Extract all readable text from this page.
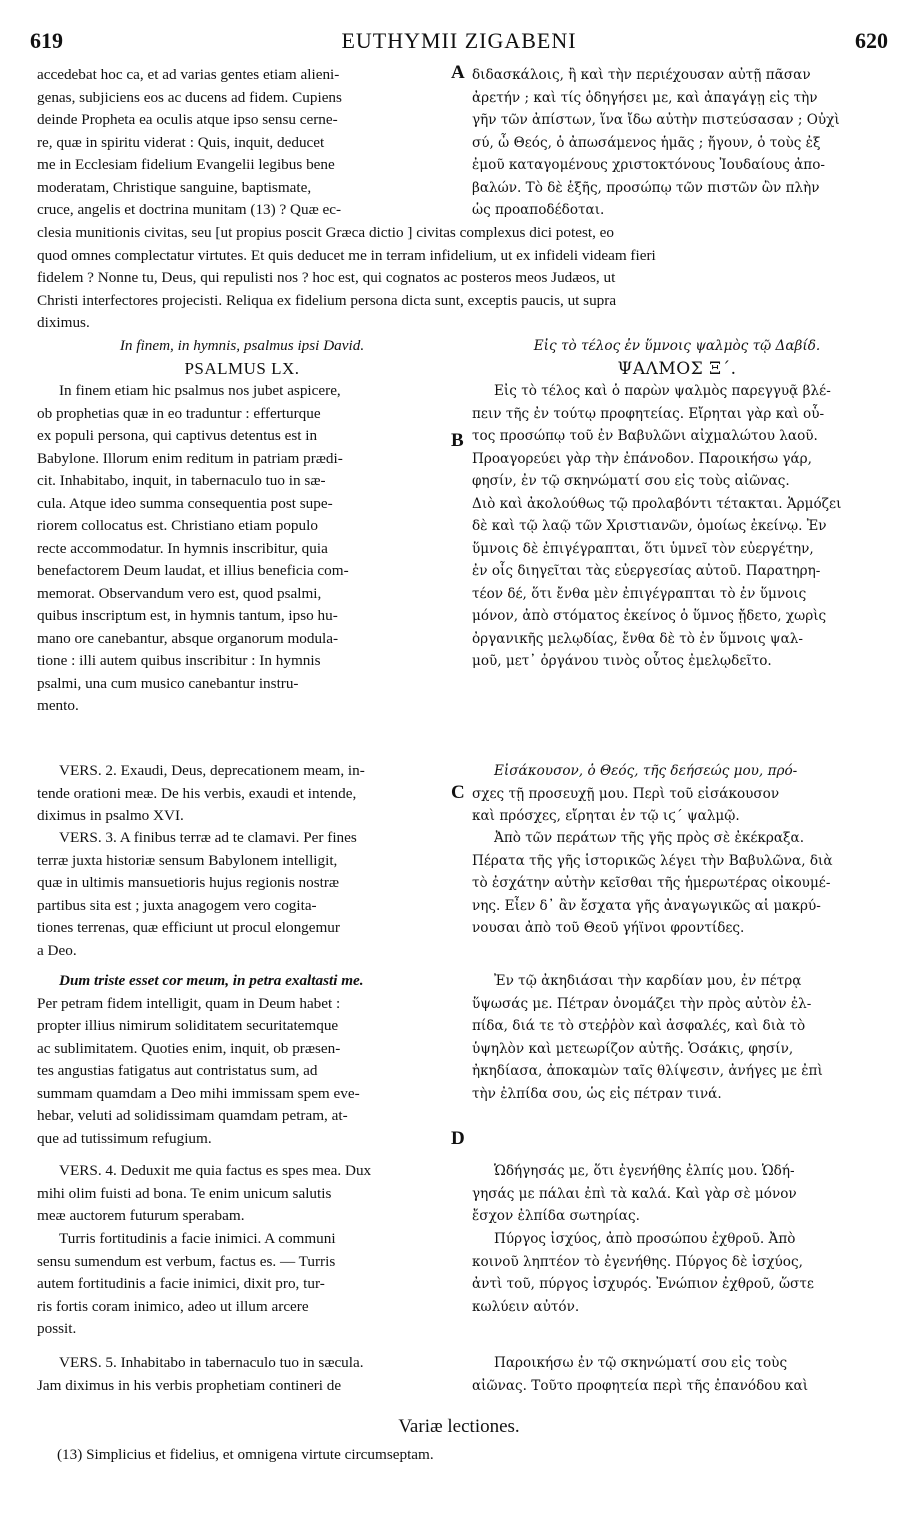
619	EUTHYMII ZIGABENI	620

accedebat hoc ca, et ad varias gentes etiam alieni-

genas, subjiciens eos ac ducens ad fidem. Cupiens

deinde Propheta ea oculis atque ipso sensu cerne-

re, quæ in spiritu viderat : Quis, inquit, deducet

me in Ecclesiam fidelium Evangelii legibus bene

moderatam, Christique sanguine, baptismate,

cruce, angelis et doctrina munitam (13) ? Quæ ec-

A διδασκάλοις, ἢ καὶ τὴν περιέχουσαν αὐτῇ πᾶσαν

ἀρετήν ; καὶ τίς ὁδηγήσει με, καὶ ἀπαγάγῃ εἰς τὴν

γῆν τῶν ἀπίστων, ἵνα ἴδω αὐτὴν πιστεύσασαν ; Οὐχὶ

σύ, ὦ Θεός, ὁ ἀπωσάμενος ἡμᾶς ; ἤγουν, ὁ τοὺς ἐξ

ἐμοῦ καταγομένους χριστοκτόνους Ἰουδαίους ἀπο-

βαλών. Τὸ δὲ ἑξῆς, προσώπῳ τῶν πιστῶν ὢν πλὴν

ὡς προαποδέδοται.

clesia munitionis civitas, seu [ut propius poscit Græca dictio ] civitas complexus dici potest, eo

quod omnes complectatur virtutes. Et quis deducet me in terram infidelium, ut ex infideli videam fieri

fidelem ? Nonne tu, Deus, qui repulisti nos ? hoc est, qui cognatos ac posteros meos Judæos, ut

Christi interfectores projecisti. Reliqua ex fidelium persona dicta sunt, exceptis paucis, ut supra

diximus.

In finem, in hymnis, psalmus ipsi David.

PSALMUS LX.

Εἰς τὸ τέλος ἐν ὕμνοις ψαλμὸς τῷ Δαβίδ.

ΨΑΛΜΟΣ Ξ΄.

In finem etiam hic psalmus nos jubet aspicere,

ob prophetias quæ in eo traduntur : efferturque

ex populi persona, qui captivus detentus est in

Babylone. Illorum enim reditum in patriam prædi-

cit. Inhabitabo, inquit, in tabernaculo tuo in sæ-

cula. Atque ideo summa consequentia post supe-

riorem collocatus est. Christiano etiam populo

recte accommodatur. In hymnis inscribitur, quia

benefactorem Deum laudat, et illius beneficia com-

memorat. Observandum vero est, quod psalmi,

quibus inscriptum est, in hymnis tantum, ipso hu-

mano ore canebantur, absque organorum modula-

tione : illi autem quibus inscribitur : In hymnis

psalmi, una cum musico canebantur instru-

mento.

B

Εἰς τὸ τέλος καὶ ὁ παρὼν ψαλμὸς παρεγγυᾷ βλέ-

πειν τῆς ἐν τούτῳ προφητείας. Εἴρηται γὰρ καὶ οὗ-

τος προσώπῳ τοῦ ἐν Βαβυλῶνι αἰχμαλώτου λαοῦ.

Προαγορεύει γὰρ τὴν ἐπάνοδον. Παροικήσω γάρ,

φησίν, ἐν τῷ σκηνώματί σου εἰς τοὺς αἰῶνας.

Διὸ καὶ ἀκολούθως τῷ προλαβόντι τέτακται. Ἁρμόζει

δὲ καὶ τῷ λαῷ τῶν Χριστιανῶν, ὁμοίως ἐκείνῳ. Ἐν

ὕμνοις δὲ ἐπιγέγραπται, ὅτι ὑμνεῖ τὸν εὐεργέτην,

ἐν οἷς διηγεῖται τὰς εὐεργεσίας αὐτοῦ. Παρατηρη-

τέον δέ, ὅτι ἔνθα μὲν ἐπιγέγραπται τὸ ἐν ὕμνοις

μόνον, ἀπὸ στόματος ἐκείνος ὁ ὕμνος ᾔδετο, χωρὶς

ὀργανικῆς μελῳδίας, ἔνθα δὲ τὸ ἐν ὕμνοις ψαλ-

μοῦ, μετ᾽ ὀργάνου τινὸς οὗτος ἐμελῳδεῖτο.

VERS. 2. Exaudi, Deus, deprecationem meam, in-

tende orationi meæ. De his verbis, exaudi et intende,

diximus in psalmo XVI.

C

Εἰσάκουσον, ὁ Θεός, τῆς δεήσεώς μου, πρό-

σχες τῇ προσευχῇ μου. Περὶ τοῦ εἰσάκουσον

καὶ πρόσχες, εἴρηται ἐν τῷ ιϛ΄ ψαλμῷ.

VERS. 3. A finibus terræ ad te clamavi. Per fines

terræ juxta historiæ sensum Babylonem intelligit,

quæ in ultimis mansuetioris hujus regionis nostræ

partibus sita est ; juxta anagogem vero cogita-

tiones terrenas, quæ efficiunt ut procul elongemur

a Deo.

Ἀπὸ τῶν περάτων τῆς γῆς πρὸς σὲ ἐκέκραξα.

Πέρατα τῆς γῆς ἱστορικῶς λέγει τὴν Βαβυλῶνα, διὰ

τὸ ἐσχάτην αὐτὴν κεῖσθαι τῆς ἡμερωτέρας οἰκουμέ-

νης. Εἶεν δ᾽ ἂν ἔσχατα γῆς ἀναγωγικῶς αἱ μακρύ-

νουσαι ἀπὸ τοῦ Θεοῦ γήϊνοι φροντίδες.

Dum triste esset cor meum, in petra exaltasti me.

Per petram fidem intelligit, quam in Deum habet :

propter illius nimirum soliditatem securitatemque

ac sublimitatem. Quoties enim, inquit, ob præsen-

tes angustias fatigatus aut contristatus sum, ad

summam quamdam a Deo mihi immissam spem eve-

hebar, veluti ad solidissimam quamdam petram, at-

que ad tutissimum refugium.

Ἐν τῷ ἀκηδιάσαι τὴν καρδίαν μου, ἐν πέτρᾳ

ὕψωσάς με. Πέτραν ὀνομάζει τὴν πρὸς αὐτὸν ἐλ-

πίδα, διά τε τὸ στεῤῥὸν καὶ ἀσφαλές, καὶ διὰ τὸ

ὑψηλὸν καὶ μετεωρίζον αὐτῆς. Ὁσάκις, φησίν,

ἠκηδίασα, ἀποκαμὼν ταῖς θλίψεσιν, ἀνήγες με ἐπὶ

τὴν ἐλπίδα σου, ὡς εἰς πέτραν τινά.

D

VERS. 4. Deduxit me quia factus es spes mea. Dux

mihi olim fuisti ad bona. Te enim unicum salutis

meæ auctorem futurum sperabam.

Ὡδήγησάς με, ὅτι ἐγενήθης ἐλπίς μου. Ὡδή-

γησάς με πάλαι ἐπὶ τὰ καλά. Καὶ γὰρ σὲ μόνον

ἔσχον ἐλπίδα σωτηρίας.

Turris fortitudinis a facie inimici. A communi

sensu sumendum est verbum, factus es. — Turris

autem fortitudinis a facie inimici, dixit pro, tur-

ris fortis coram inimico, adeo ut illum arcere

possit.

Πύργος ἰσχύος, ἀπὸ προσώπου ἐχθροῦ. Ἀπὸ

κοινοῦ ληπτέον τὸ ἐγενήθης. Πύργος δὲ ἰσχύος,

ἀντὶ τοῦ, πύργος ἰσχυρός. Ἐνώπιον ἐχθροῦ, ὥστε

κωλύειν αὐτόν.

VERS. 5. Inhabitabo in tabernaculo tuo in sæcula.

Jam diximus in his verbis prophetiam contineri de

Παροικήσω ἐν τῷ σκηνώματί σου εἰς τοὺς

αἰῶνας. Τοῦτο προφητεία περὶ τῆς ἐπανόδου καὶ

Variæ lectiones.
(13) Simplicius et fidelius, et omnigena virtute circumseptam.
